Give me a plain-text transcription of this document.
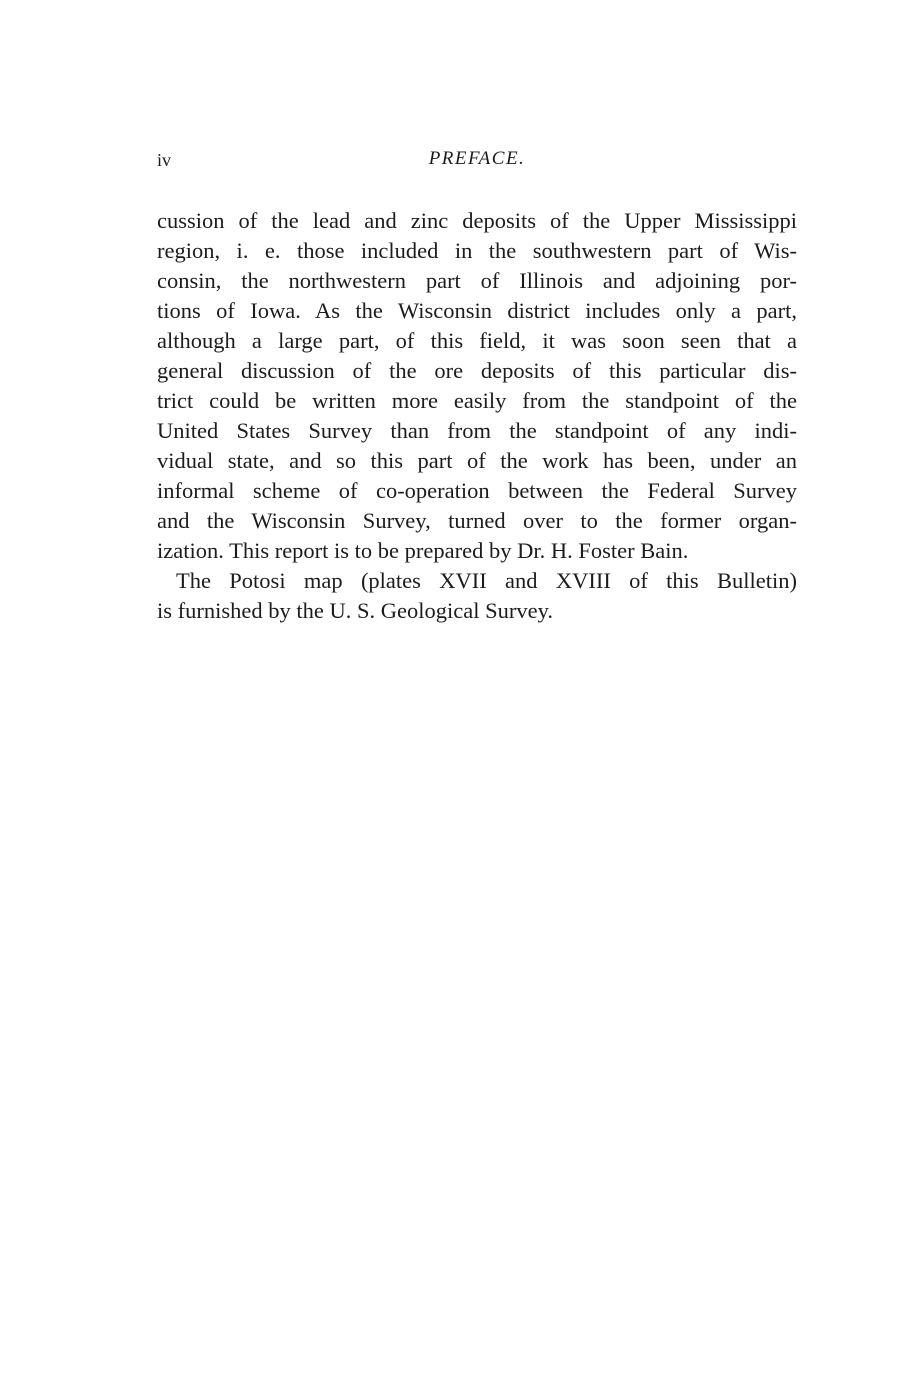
iv	PREFACE.
cussion of the lead and zinc deposits of the Upper Mississippi
region, i. e. those included in the southwestern part of Wis-
consin, the northwestern part of Illinois and adjoining por-
tions of Iowa. As the Wisconsin district includes only a part,
although a large part, of this field, it was soon seen that a
general discussion of the ore deposits of this particular dis-
trict could be written more easily from the standpoint of the
United States Survey than from the standpoint of any indi-
vidual state, and so this part of the work has been, under an
informal scheme of co-operation between the Federal Survey
and the Wisconsin Survey, turned over to the former organ-
ization. This report is to be prepared by Dr. H. Foster Bain.
The Potosi map (plates XVII and XVIII of this Bulletin)
is furnished by the U. S. Geological Survey.
